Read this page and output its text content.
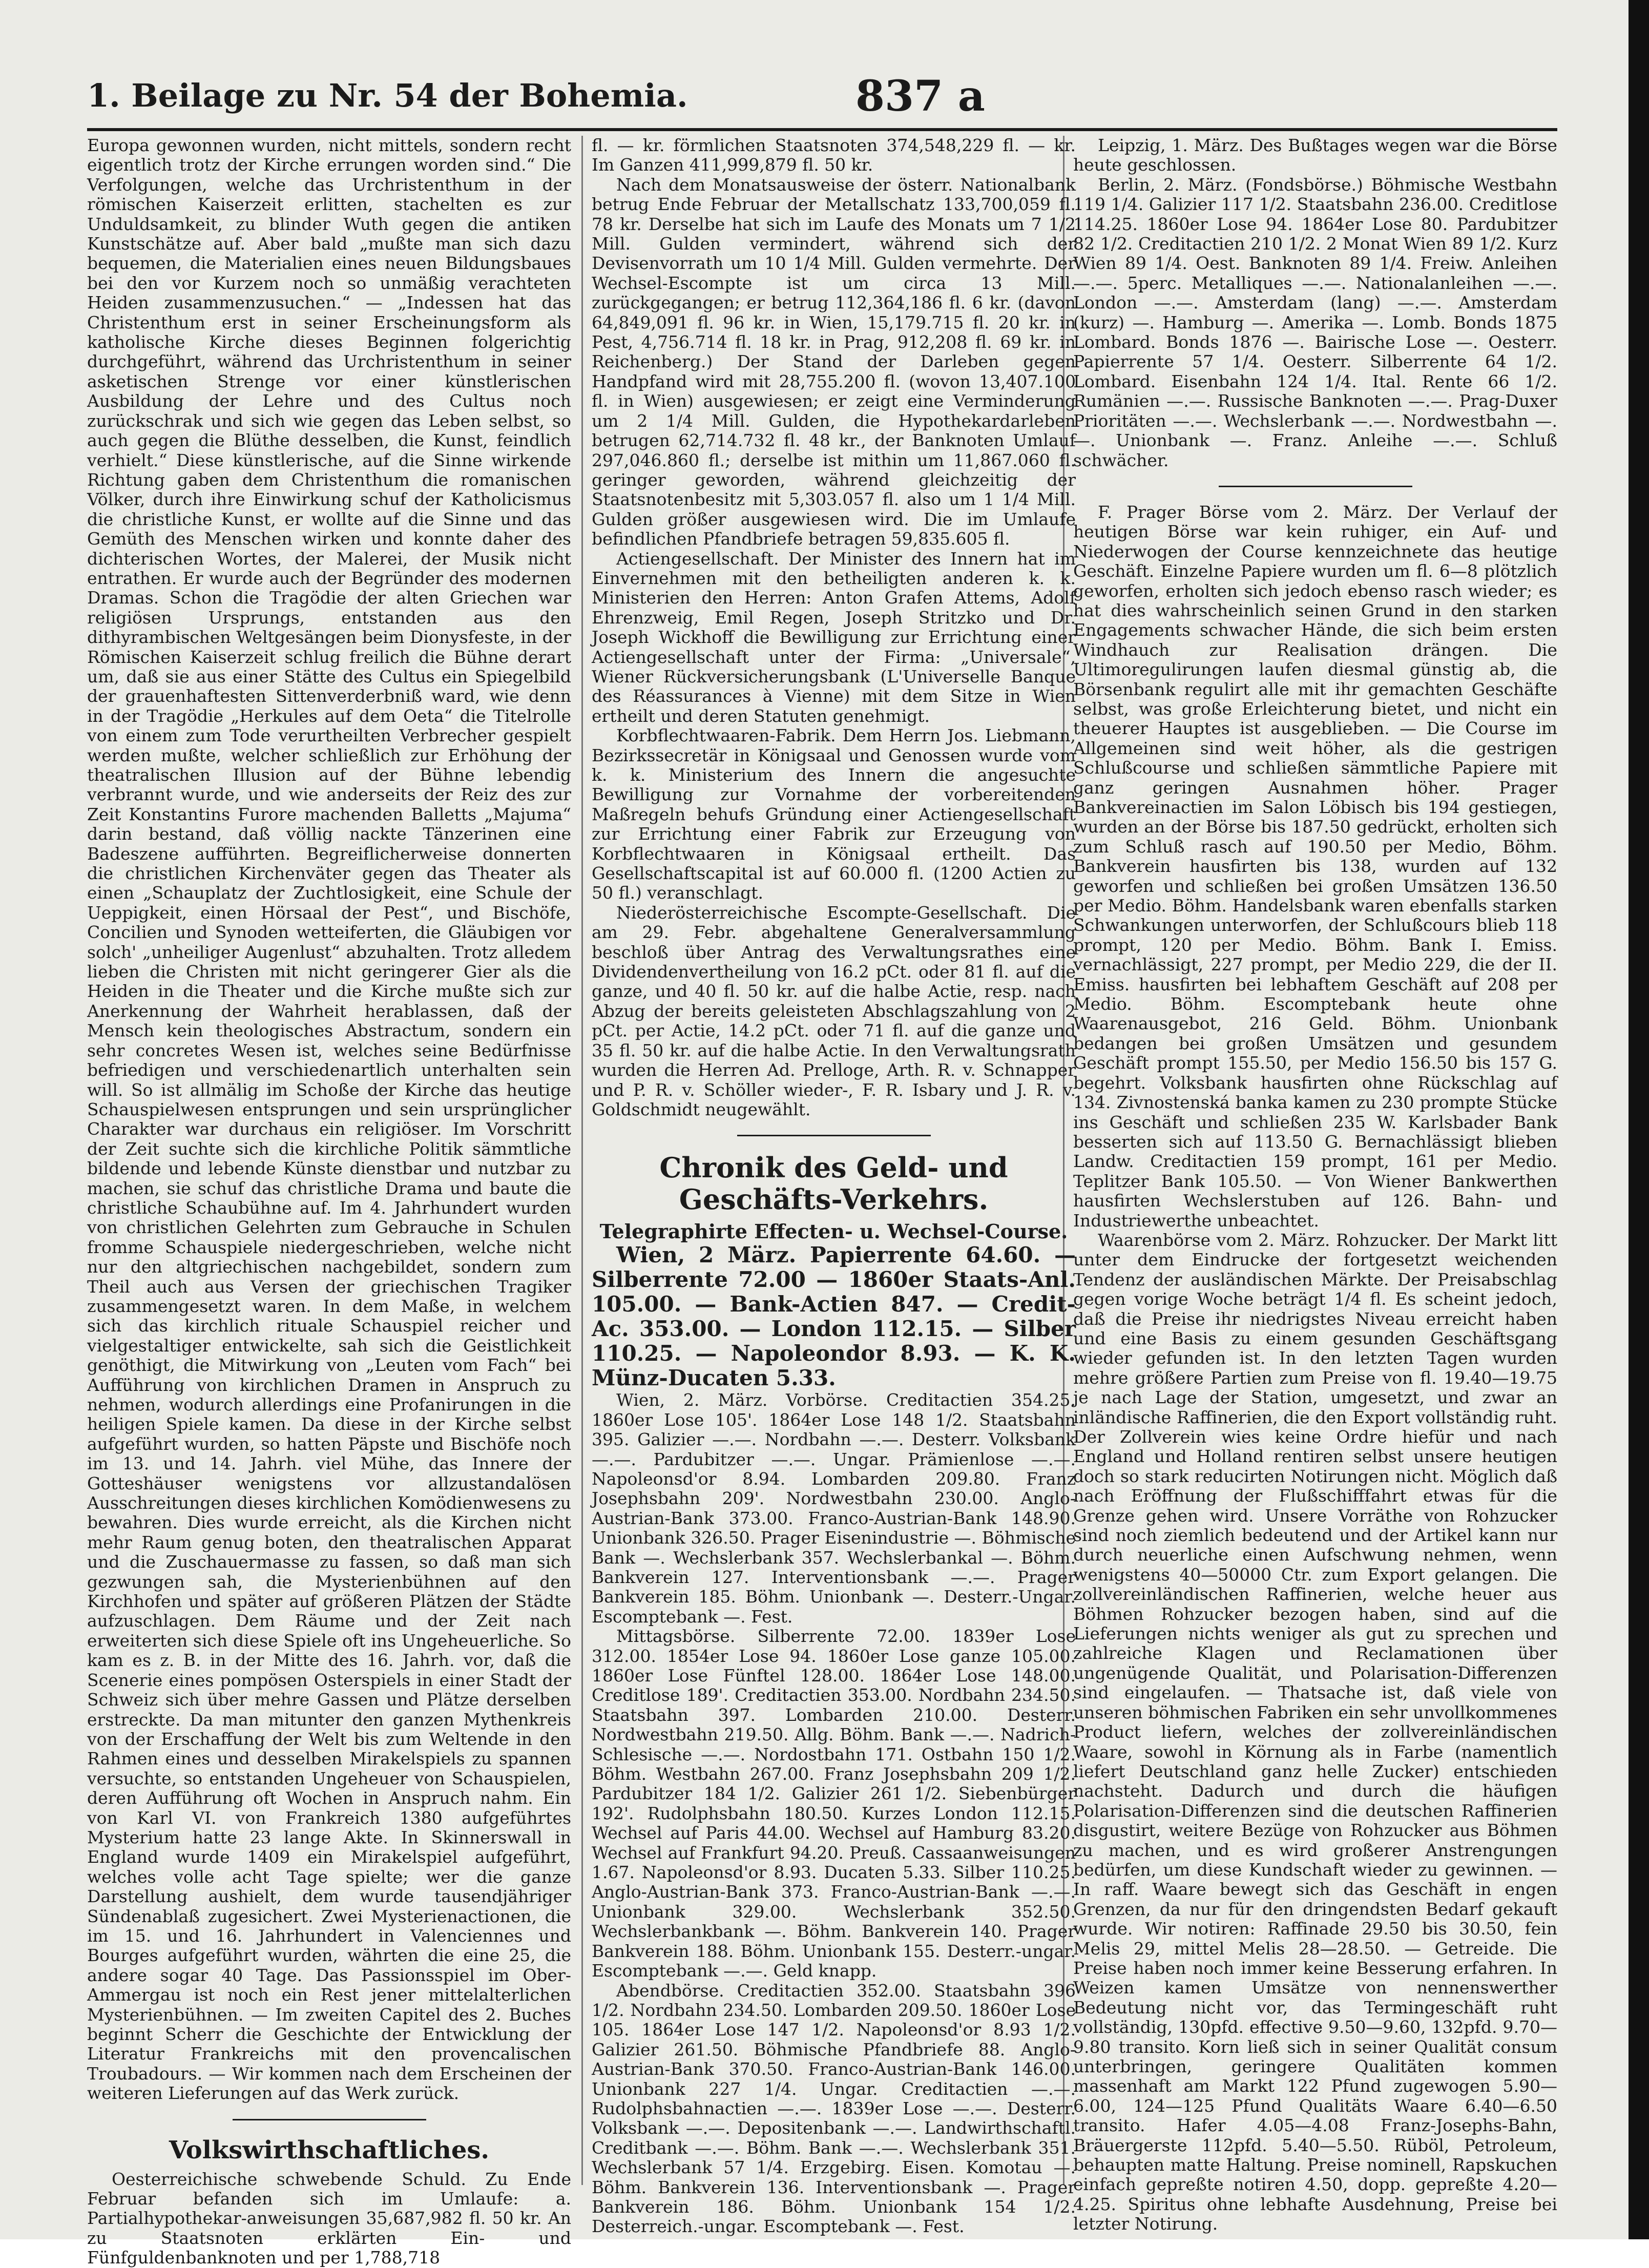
1. Beilage zu Nr. 54 der Bohemia.	837 a

Europa gewonnen wurden, nicht mittels, sondern recht eigentlich trotz der Kirche errungen worden sind.“ Die Verfolgungen, welche das Urchristenthum in der römischen Kaiserzeit erlitten, stachelten es zur Unduldsamkeit, zu blinder Wuth gegen die antiken Kunstschätze auf. Aber bald „mußte man sich dazu bequemen, die Materialien eines neuen Bildungsbaues bei den vor Kurzem noch so unmäßig verachteten Heiden zusammenzusuchen.“ — „Indessen hat das Christenthum erst in seiner Erscheinungsform als katholische Kirche dieses Beginnen folgerichtig durchgeführt, während das Urchristenthum in seiner asketischen Strenge vor einer künstlerischen Ausbildung der Lehre und des Cultus noch zurückschrak und sich wie gegen das Leben selbst, so auch gegen die Blüthe desselben, die Kunst, feindlich verhielt.“ Diese künstlerische, auf die Sinne wirkende Richtung gaben dem Christenthum die romanischen Völker, durch ihre Einwirkung schuf der Katholicismus die christliche Kunst, er wollte auf die Sinne und das Gemüth des Menschen wirken und konnte daher des dichterischen Wortes, der Malerei, der Musik nicht entrathen. Er wurde auch der Begründer des modernen Dramas. Schon die Tragödie der alten Griechen war religiösen Ursprungs, entstanden aus den dithyrambischen Weltgesängen beim Dionysfeste, in der Römischen Kaiserzeit schlug freilich die Bühne derart um, daß sie aus einer Stätte des Cultus ein Spiegelbild der grauenhaftesten Sittenverderbniß ward, wie denn in der Tragödie „Herkules auf dem Oeta“ die Titelrolle von einem zum Tode verurtheilten Verbrecher gespielt werden mußte, welcher schließlich zur Erhöhung der theatralischen Illusion auf der Bühne lebendig verbrannt wurde, und wie anderseits der Reiz des zur Zeit Konstantins Furore machenden Balletts „Majuma“ darin bestand, daß völlig nackte Tänzerinen eine Badeszene aufführten. Begreiflicherweise donnerten die christlichen Kirchenväter gegen das Theater als einen „Schauplatz der Zuchtlosigkeit, eine Schule der Ueppigkeit, einen Hörsaal der Pest“, und Bischöfe, Concilien und Synoden wetteiferten, die Gläubigen vor solch' „unheiliger Augenlust“ abzuhalten. Trotz alledem lieben die Christen mit nicht geringerer Gier als die Heiden in die Theater und die Kirche mußte sich zur Anerkennung der Wahrheit herablassen, daß der Mensch kein theologisches Abstractum, sondern ein sehr concretes Wesen ist, welches seine Bedürfnisse befriedigen und verschiedenartlich unterhalten sein will. So ist allmälig im Schoße der Kirche das heutige Schauspielwesen entsprungen und sein ursprünglicher Charakter war durchaus ein religiöser. Im Vorschritt der Zeit suchte sich die kirchliche Politik sämmtliche bildende und lebende Künste dienstbar und nutzbar zu machen, sie schuf das christliche Drama und baute die christliche Schaubühne auf. Im 4. Jahrhundert wurden von christlichen Gelehrten zum Gebrauche in Schulen fromme Schauspiele niedergeschrieben, welche nicht nur den altgriechischen nachgebildet, sondern zum Theil auch aus Versen der griechischen Tragiker zusammengesetzt waren. In dem Maße, in welchem sich das kirchlich rituale Schauspiel reicher und vielgestaltiger entwickelte, sah sich die Geistlichkeit genöthigt, die Mitwirkung von „Leuten vom Fach“ bei Aufführung von kirchlichen Dramen in Anspruch zu nehmen, wodurch allerdings eine Profanirungen in die heiligen Spiele kamen. Da diese in der Kirche selbst aufgeführt wurden, so hatten Päpste und Bischöfe noch im 13. und 14. Jahrh. viel Mühe, das Innere der Gotteshäuser wenigstens vor allzustandalösen Ausschreitungen dieses kirchlichen Komödienwesens zu bewahren. Dies wurde erreicht, als die Kirchen nicht mehr Raum genug boten, den theatralischen Apparat und die Zuschauermasse zu fassen, so daß man sich gezwungen sah, die Mysterienbühnen auf den Kirchhofen und später auf größeren Plätzen der Städte aufzuschlagen. Dem Räume und der Zeit nach erweiterten sich diese Spiele oft ins Ungeheuerliche. So kam es z. B. in der Mitte des 16. Jahrh. vor, daß die Scenerie eines pompösen Osterspiels in einer Stadt der Schweiz sich über mehre Gassen und Plätze derselben erstreckte. Da man mitunter den ganzen Mythenkreis von der Erschaffung der Welt bis zum Weltende in den Rahmen eines und desselben Mirakelspiels zu spannen versuchte, so entstanden Ungeheuer von Schauspielen, deren Aufführung oft Wochen in Anspruch nahm. Ein von Karl VI. von Frankreich 1380 aufgeführtes Mysterium hatte 23 lange Akte. In Skinnerswall in England wurde 1409 ein Mirakelspiel aufgeführt, welches volle acht Tage spielte; wer die ganze Darstellung aushielt, dem wurde tausendjähriger Sündenablaß zugesichert. Zwei Mysterienactionen, die im 15. und 16. Jahrhundert in Valenciennes und Bourges aufgeführt wurden, währten die eine 25, die andere sogar 40 Tage. Das Passionsspiel im Ober-Ammergau ist noch ein Rest jener mittelalterlichen Mysterienbühnen. — Im zweiten Capitel des 2. Buches beginnt Scherr die Geschichte der Entwicklung der Literatur Frankreichs mit den provencalischen Troubadours. — Wir kommen nach dem Erscheinen der weiteren Lieferungen auf das Werk zurück.

Volkswirthschaftliches.

Oesterreichische schwebende Schuld. Zu Ende Februar befanden sich im Umlaufe: a. Partialhypothekar-anweisungen 35,687,982 fl. 50 kr. An zu Staatsnoten erklärten Ein- und Fünfguldenbanknoten und per 1,788,718

fl. — kr. förmlichen Staatsnoten 374,548,229 fl. — kr. Im Ganzen 411,999,879 fl. 50 kr.

Nach dem Monatsausweise der österr. Nationalbank betrug Ende Februar der Metallschatz 133,700,059 fl. 78 kr. Derselbe hat sich im Laufe des Monats um 7 1/2 Mill. Gulden vermindert, während sich der Devisenvorrath um 10 1/4 Mill. Gulden vermehrte. Der Wechsel-Escompte ist um circa 13 Mill. zurückgegangen; er betrug 112,364,186 fl. 6 kr. (davon 64,849,091 fl. 96 kr. in Wien, 15,179.715 fl. 20 kr. in Pest, 4,756.714 fl. 18 kr. in Prag, 912,208 fl. 69 kr. in Reichenberg.) Der Stand der Darleben gegen Handpfand wird mit 28,755.200 fl. (wovon 13,407.100 fl. in Wien) ausgewiesen; er zeigt eine Verminderung um 2 1/4 Mill. Gulden, die Hypothekardarleben betrugen 62,714.732 fl. 48 kr., der Banknoten Umlauf 297,046.860 fl.; derselbe ist mithin um 11,867.060 fl. geringer geworden, während gleichzeitig der Staatsnotenbesitz mit 5,303.057 fl. also um 1 1/4 Mill. Gulden größer ausgewiesen wird. Die im Umlaufe befindlichen Pfandbriefe betragen 59,835.605 fl.

Actiengesellschaft. Der Minister des Innern hat im Einvernehmen mit den betheiligten anderen k. k. Ministerien den Herren: Anton Grafen Attems, Adolf Ehrenzweig, Emil Regen, Joseph Stritzko und Dr. Joseph Wickhoff die Bewilligung zur Errichtung einer Actiengesellschaft unter der Firma: „Universale“, Wiener Rückversicherungsbank (L'Universelle Banque des Réassurances à Vienne) mit dem Sitze in Wien ertheilt und deren Statuten genehmigt.

Korbflechtwaaren-Fabrik. Dem Herrn Jos. Liebmann, Bezirkssecretär in Königsaal und Genossen wurde vom k. k. Ministerium des Innern die angesuchte Bewilligung zur Vornahme der vorbereitenden Maßregeln behufs Gründung einer Actiengesellschaft zur Errichtung einer Fabrik zur Erzeugung von Korbflechtwaaren in Königsaal ertheilt. Das Gesellschaftscapital ist auf 60.000 fl. (1200 Actien zu 50 fl.) veranschlagt.

Niederösterreichische Escompte-Gesellschaft. Die am 29. Febr. abgehaltene Generalversammlung beschloß über Antrag des Verwaltungsrathes eine Dividendenvertheilung von 16.2 pCt. oder 81 fl. auf die ganze, und 40 fl. 50 kr. auf die halbe Actie, resp. nach Abzug der bereits geleisteten Abschlagszahlung von 2 pCt. per Actie, 14.2 pCt. oder 71 fl. auf die ganze und 35 fl. 50 kr. auf die halbe Actie. In den Verwaltungsrath wurden die Herren Ad. Prelloge, Arth. R. v. Schnapper und P. R. v. Schöller wieder-, F. R. Isbary und J. R. v. Goldschmidt neugewählt.

Chronik des Geld- und Geschäfts-Verkehrs.
Telegraphirte Effecten- u. Wechsel-Course.

Wien, 2 März. Papierrente 64.60. — Silberrente 72.00 — 1860er Staats-Anl. 105.00. — Bank-Actien 847. — Credit-Ac. 353.00. — London 112.15. — Silber 110.25. — Napoleondor 8.93. — K. K. Münz-Ducaten 5.33.

Wien, 2. März. Vorbörse. Creditactien 354.25. 1860er Lose 105'. 1864er Lose 148 1/2. Staatsbahn 395. Galizier —.—. Nordbahn —.—. Desterr. Volksbank —.—. Pardubitzer —.—. Ungar. Prämienlose —.—. Napoleonsd'or 8.94. Lombarden 209.80. Franz Josephsbahn 209'. Nordwestbahn 230.00. Anglo-Austrian-Bank 373.00. Franco-Austrian-Bank 148.90. Unionbank 326.50. Prager Eisenindustrie —. Böhmische Bank —. Wechslerbank 357. Wechslerbankal —. Böhm. Bankverein 127. Interventionsbank —.—. Prager Bankverein 185. Böhm. Unionbank —. Desterr.-Ungar. Escomptebank —. Fest.

Mittagsbörse. Silberrente 72.00. 1839er Lose 312.00. 1854er Lose 94. 1860er Lose ganze 105.00. 1860er Lose Fünftel 128.00. 1864er Lose 148.00. Creditlose 189'. Creditactien 353.00. Nordbahn 234.50. Staatsbahn 397. Lombarden 210.00. Desterr. Nordwestbahn 219.50. Allg. Böhm. Bank —.—. Nadrich-Schlesische —.—. Nordostbahn 171. Ostbahn 150 1/2. Böhm. Westbahn 267.00. Franz Josephsbahn 209 1/2. Pardubitzer 184 1/2. Galizier 261 1/2. Siebenbürger 192'. Rudolphsbahn 180.50. Kurzes London 112.15. Wechsel auf Paris 44.00. Wechsel auf Hamburg 83.20. Wechsel auf Frankfurt 94.20. Preuß. Cassaanweisungen 1.67. Napoleonsd'or 8.93. Ducaten 5.33. Silber 110.25. Anglo-Austrian-Bank 373. Franco-Austrian-Bank —.—. Unionbank 329.00. Wechslerbank 352.50. Wechslerbankbank —. Böhm. Bankverein 140. Prager Bankverein 188. Böhm. Unionbank 155. Desterr.-ungar. Escomptebank —.—. Geld knapp.

Abendbörse. Creditactien 352.00. Staatsbahn 396 1/2. Nordbahn 234.50. Lombarden 209.50. 1860er Lose 105. 1864er Lose 147 1/2. Napoleonsd'or 8.93 1/2. Galizier 261.50. Böhmische Pfandbriefe 88. Anglo-Austrian-Bank 370.50. Franco-Austrian-Bank 146.00. Unionbank 227 1/4. Ungar. Creditactien —.—. Rudolphsbahnactien —.—. 1839er Lose —.—. Desterr. Volksbank —.—. Depositenbank —.—. Landwirthschaftl. Creditbank —.—. Böhm. Bank —.—. Wechslerbank 351. Wechslerbank 57 1/4. Erzgebirg. Eisen. Komotau —. Böhm. Bankverein 136. Interventionsbank —. Prager Bankverein 186. Böhm. Unionbank 154 1/2. Desterreich.-ungar. Escomptebank —. Fest.

Leipzig, 1. März. Des Bußtages wegen war die Börse heute geschlossen.

Berlin, 2. März. (Fondsbörse.) Böhmische Westbahn 119 1/4. Galizier 117 1/2. Staatsbahn 236.00. Creditlose 114.25. 1860er Lose 94. 1864er Lose 80. Pardubitzer 82 1/2. Creditactien 210 1/2. 2 Monat Wien 89 1/2. Kurz Wien 89 1/4. Oest. Banknoten 89 1/4. Freiw. Anleihen —.—. 5perc. Metalliques —.—. Nationalanleihen —.—. London —.—. Amsterdam (lang) —.—. Amsterdam (kurz) —. Hamburg —. Amerika —. Lomb. Bonds 1875 Lombard. Bonds 1876 —. Bairische Lose —. Oesterr. Papierrente 57 1/4. Oesterr. Silberrente 64 1/2. Lombard. Eisenbahn 124 1/4. Ital. Rente 66 1/2. Rumänien —.—. Russische Banknoten —.—. Prag-Duxer Prioritäten —.—. Wechslerbank —.—. Nordwestbahn —.—. Unionbank —. Franz. Anleihe —.—. Schluß schwächer.

F. Prager Börse vom 2. März. Der Verlauf der heutigen Börse war kein ruhiger, ein Auf- und Niederwogen der Course kennzeichnete das heutige Geschäft. Einzelne Papiere wurden um fl. 6—8 plötzlich geworfen, erholten sich jedoch ebenso rasch wieder; es hat dies wahrscheinlich seinen Grund in den starken Engagements schwacher Hände, die sich beim ersten Windhauch zur Realisation drängen. Die Ultimoregulirungen laufen diesmal günstig ab, die Börsenbank regulirt alle mit ihr gemachten Geschäfte selbst, was große Erleichterung bietet, und nicht ein theuerer Hauptes ist ausgeblieben. — Die Course im Allgemeinen sind weit höher, als die gestrigen Schlußcourse und schließen sämmtliche Papiere mit ganz geringen Ausnahmen höher. Prager Bankvereinactien im Salon Löbisch bis 194 gestiegen, wurden an der Börse bis 187.50 gedrückt, erholten sich zum Schluß rasch auf 190.50 per Medio, Böhm. Bankverein hausfirten bis 138, wurden auf 132 geworfen und schließen bei großen Umsätzen 136.50 per Medio. Böhm. Handelsbank waren ebenfalls starken Schwankungen unterworfen, der Schlußcours blieb 118 prompt, 120 per Medio. Böhm. Bank I. Emiss. vernachlässigt, 227 prompt, per Medio 229, die der II. Emiss. hausfirten bei lebhaftem Geschäft auf 208 per Medio. Böhm. Escomptebank heute ohne Waarenausgebot, 216 Geld. Böhm. Unionbank bedangen bei großen Umsätzen und gesundem Geschäft prompt 155.50, per Medio 156.50 bis 157 G. begehrt. Volksbank hausfirten ohne Rückschlag auf 134. Zivnostenská banka kamen zu 230 prompte Stücke ins Geschäft und schließen 235 W. Karlsbader Bank besserten sich auf 113.50 G. Bernachlässigt blieben Landw. Creditactien 159 prompt, 161 per Medio. Teplitzer Bank 105.50. — Von Wiener Bankwerthen hausfirten Wechslerstuben auf 126. Bahn- und Industriewerthe unbeachtet.

Waarenbörse vom 2. März. Rohzucker. Der Markt litt unter dem Eindrucke der fortgesetzt weichenden Tendenz der ausländischen Märkte. Der Preisabschlag gegen vorige Woche beträgt 1/4 fl. Es scheint jedoch, daß die Preise ihr niedrigstes Niveau erreicht haben und eine Basis zu einem gesunden Geschäftsgang wieder gefunden ist. In den letzten Tagen wurden mehre größere Partien zum Preise von fl. 19.40—19.75 je nach Lage der Station, umgesetzt, und zwar an inländische Raffinerien, die den Export vollständig ruht. Der Zollverein wies keine Ordre hiefür und nach England und Holland rentiren selbst unsere heutigen doch so stark reducirten Notirungen nicht. Möglich daß nach Eröffnung der Flußschifffahrt etwas für die Grenze gehen wird. Unsere Vorräthe von Rohzucker sind noch ziemlich bedeutend und der Artikel kann nur durch neuerliche einen Aufschwung nehmen, wenn wenigstens 40—50000 Ctr. zum Export gelangen. Die zollvereinländischen Raffinerien, welche heuer aus Böhmen Rohzucker bezogen haben, sind auf die Lieferungen nichts weniger als gut zu sprechen und zahlreiche Klagen und Reclamationen über ungenügende Qualität, und Polarisation-Differenzen sind eingelaufen. — Thatsache ist, daß viele von unseren böhmischen Fabriken ein sehr unvollkommenes Product liefern, welches der zollvereinländischen Waare, sowohl in Körnung als in Farbe (namentlich liefert Deutschland ganz helle Zucker) entschieden nachsteht. Dadurch und durch die häufigen Polarisation-Differenzen sind die deutschen Raffinerien disgustirt, weitere Bezüge von Rohzucker aus Böhmen zu machen, und es wird großerer Anstrengungen bedürfen, um diese Kundschaft wieder zu gewinnen. — In raff. Waare bewegt sich das Geschäft in engen Grenzen, da nur für den dringendsten Bedarf gekauft wurde. Wir notiren: Raffinade 29.50 bis 30.50, fein Melis 29, mittel Melis 28—28.50. — Getreide. Die Preise haben noch immer keine Besserung erfahren. In Weizen kamen Umsätze von nennenswerther Bedeutung nicht vor, das Termingeschäft ruht vollständig, 130pfd. effective 9.50—9.60, 132pfd. 9.70—9.80 transito. Korn ließ sich in seiner Qualität consum unterbringen, geringere Qualitäten kommen massenhaft am Markt 122 Pfund zugewogen 5.90—6.00, 124—125 Pfund Qualitäts Waare 6.40—6.50 transito. Hafer 4.05—4.08 Franz-Josephs-Bahn, Bräuergerste 112pfd. 5.40—5.50. Rüböl, Petroleum, behaupten matte Haltung. Preise nominell, Rapskuchen einfach gepreßte notiren 4.50, dopp. gepreßte 4.20—4.25. Spiritus ohne lebhafte Ausdehnung, Preise bei letzter Notirung.
